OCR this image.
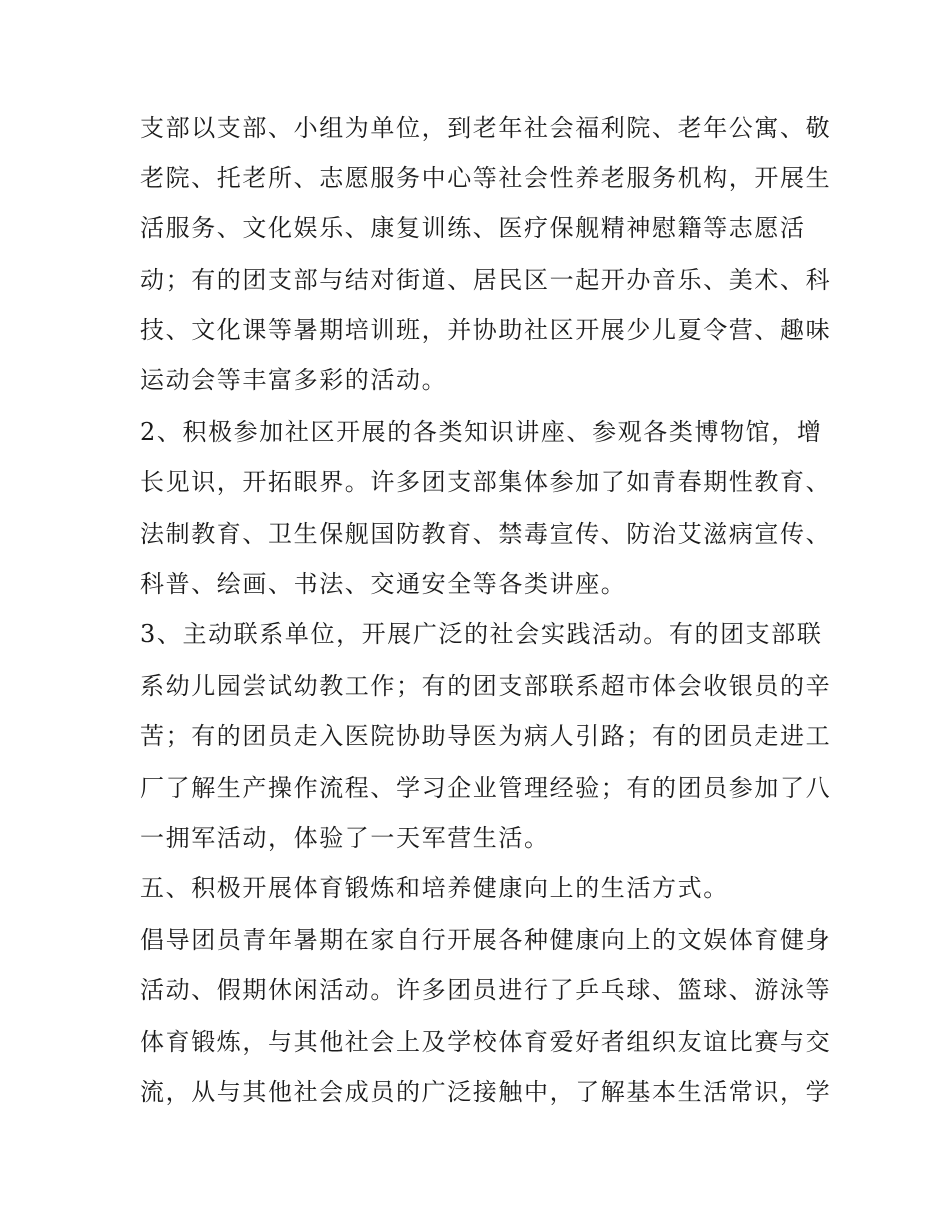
支部以支部、小组为单位，到老年社会福利院、老年公寓、敬
老院、托老所、志愿服务中心等社会性养老服务机构，开展生
活服务、文化娱乐、康复训练、医疗保舰精神慰籍等志愿活
动；有的团支部与结对街道、居民区一起开办音乐、美术、科
技、文化课等暑期培训班，并协助社区开展少儿夏令营、趣味
运动会等丰富多彩的活动。
2、积极参加社区开展的各类知识讲座、参观各类博物馆，增
长见识，开拓眼界。许多团支部集体参加了如青春期性教育、
法制教育、卫生保舰国防教育、禁毒宣传、防治艾滋病宣传、
科普、绘画、书法、交通安全等各类讲座。
3、主动联系单位，开展广泛的社会实践活动。有的团支部联
系幼儿园尝试幼教工作；有的团支部联系超市体会收银员的辛
苦；有的团员走入医院协助导医为病人引路；有的团员走进工
厂了解生产操作流程、学习企业管理经验；有的团员参加了八
一拥军活动，体验了一天军营生活。
五、积极开展体育锻炼和培养健康向上的生活方式。
倡导团员青年暑期在家自行开展各种健康向上的文娱体育健身
活动、假期休闲活动。许多团员进行了乒乓球、篮球、游泳等
体育锻炼，与其他社会上及学校体育爱好者组织友谊比赛与交
流，从与其他社会成员的广泛接触中，了解基本生活常识，学
